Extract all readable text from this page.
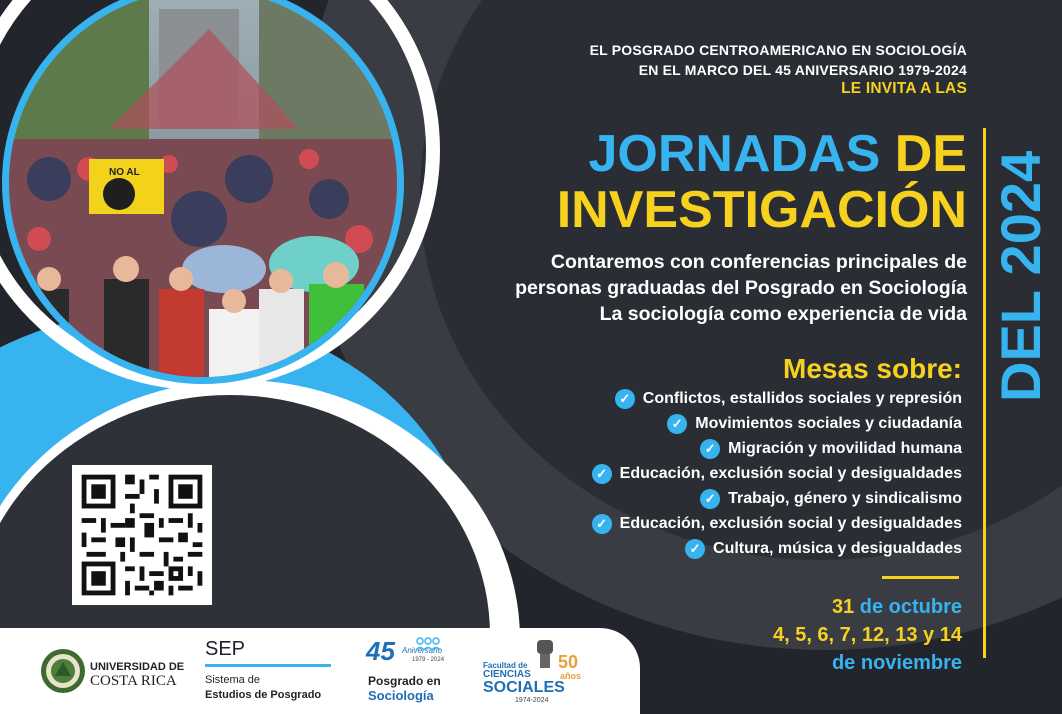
NO AL
EL POSGRADO CENTROAMERICANO EN SOCIOLOGÍA
EN EL MARCO DEL 45 ANIVERSARIO 1979-2024
LE INVITA A LAS
JORNADAS DE
INVESTIGACIÓN
Contaremos con conferencias principales de
personas graduadas del Posgrado en Sociología
La sociología como experiencia de vida DEL 2024
Mesas sobre:
✓ Conflictos, estallidos sociales y represión
✓ Movimientos sociales y ciudadanía
✓ Migración y movilidad humana
✓ Educación, exclusión social y desigualdades
✓ Trabajo, género y sindicalismo
✓ Educación, exclusión social y desigualdades
✓ Cultura, música y desigualdades
31 de octubre
4, 5, 6, 7, 12, 13 y 14
de noviembre
UNIVERSIDAD DE
COSTA RICA
SEP
Sistema de
Estudios de Posgrado
45 Aniversario
1979 - 2024
Posgrado en
Sociología
Facultad de
CIENCIAS
SOCIALES
1974-2024
50
años
